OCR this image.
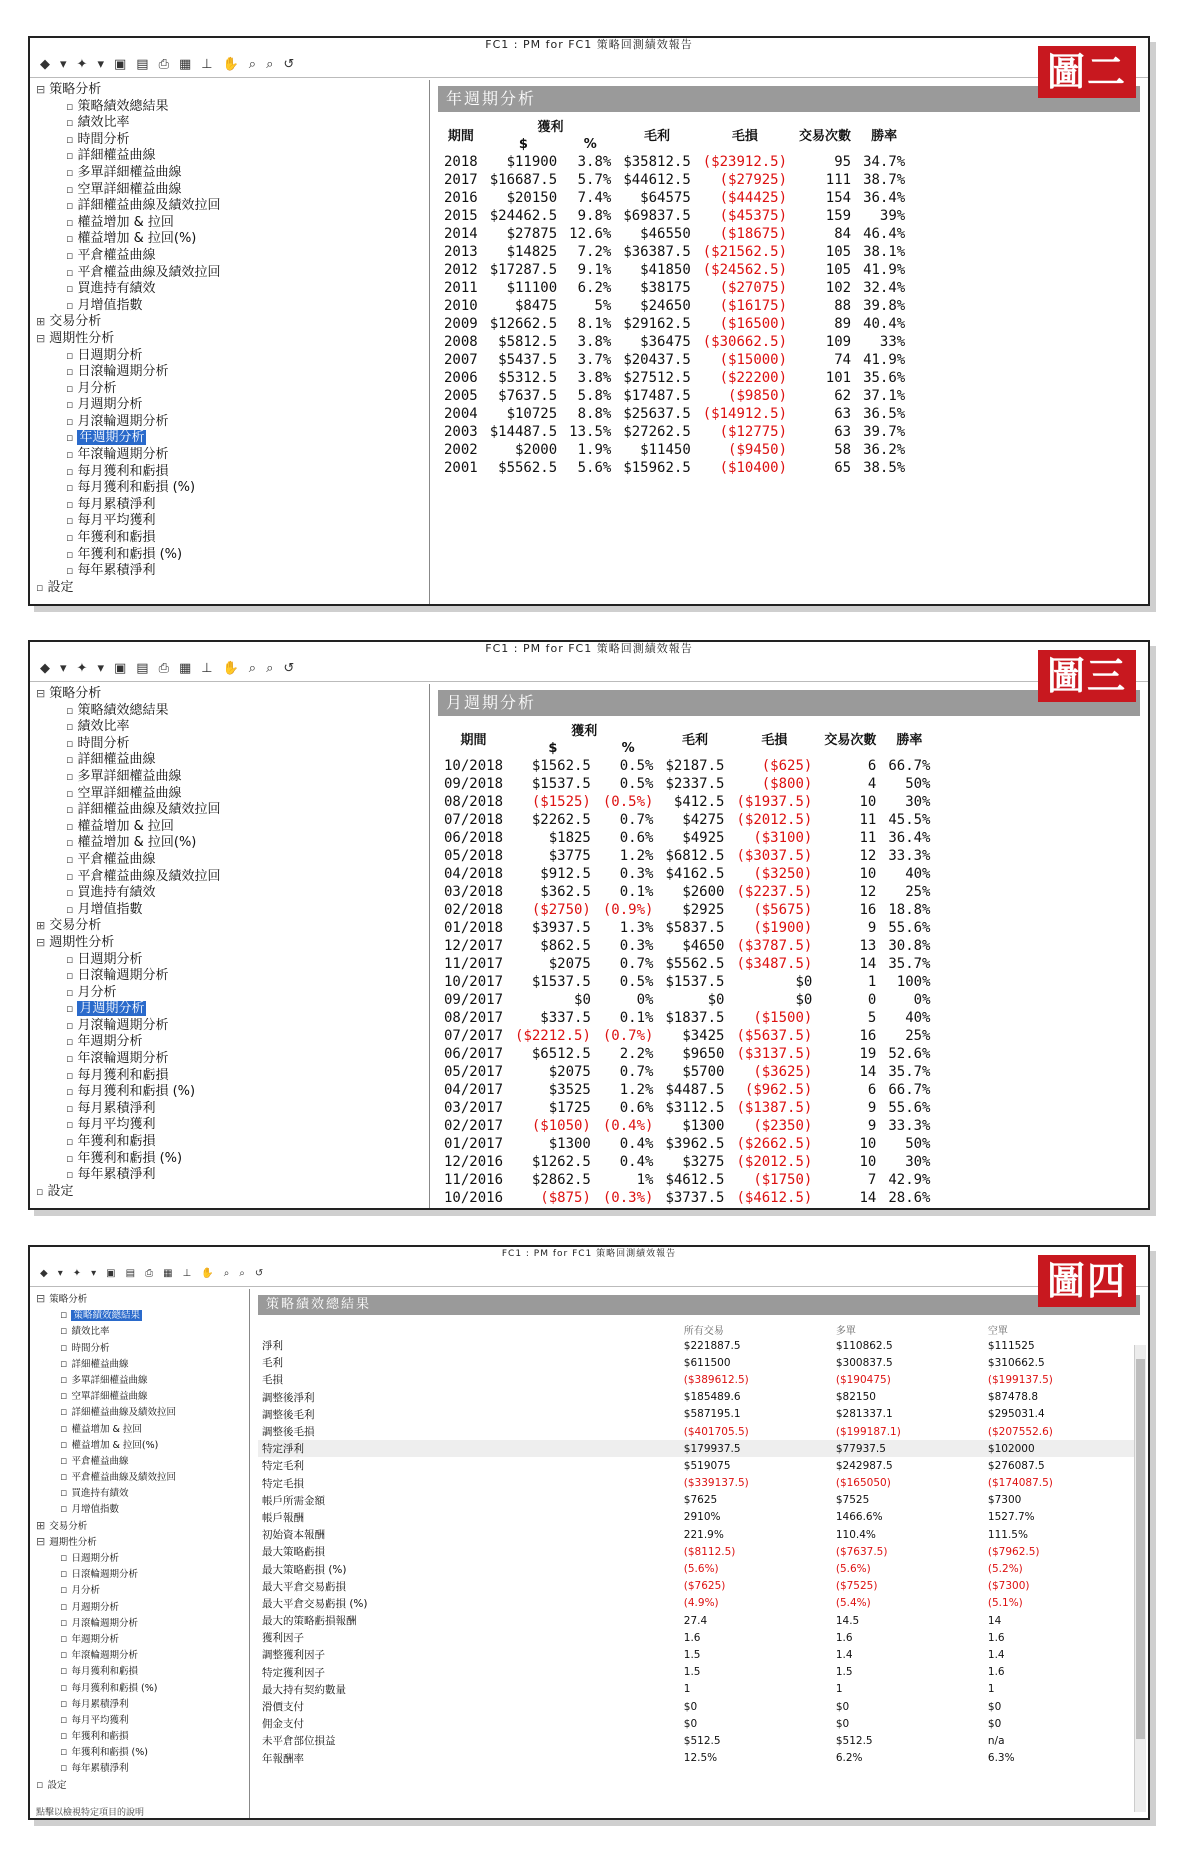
FC1 : PM for FC1 策略回測績效報告
◆ ▾ ✦ ▾ ▣ ▤ ⎙ ▦ ⊥ ✋ ⌕ ⌕ ↺	圖二
⊟ 策略分析
▫ 策略績效總結果
▫ 績效比率
▫ 時間分析
▫ 詳細權益曲線
▫ 多單詳細權益曲線
▫ 空單詳細權益曲線
▫ 詳細權益曲線及績效拉回
▫ 權益增加 & 拉回
▫ 權益增加 & 拉回(%)
▫ 平倉權益曲線
▫ 平倉權益曲線及績效拉回
▫ 買進持有績效
▫ 月增值指數
⊞ 交易分析
⊟ 週期性分析
▫ 日週期分析
▫ 日滾輪週期分析
▫ 月分析
▫ 月週期分析
▫ 月滾輪週期分析
▫ 年週期分析
▫ 年滾輪週期分析
▫ 每月獲利和虧損
▫ 每月獲利和虧損 (%)
▫ 每月累積淨利
▫ 每月平均獲利
▫ 年獲利和虧損
▫ 年獲利和虧損 (%)
▫ 每年累積淨利
▫ 設定
年週期分析
期間	獲利		毛利	毛損	交易次數	勝率
	$	%				
2018	$11900	3.8%	$35812.5	($23912.5)	95	34.7%
2017	$16687.5	5.7%	$44612.5	($27925)	111	38.7%
2016	$20150	7.4%	$64575	($44425)	154	36.4%
2015	$24462.5	9.8%	$69837.5	($45375)	159	39%
2014	$27875	12.6%	$46550	($18675)	84	46.4%
2013	$14825	7.2%	$36387.5	($21562.5)	105	38.1%
2012	$17287.5	9.1%	$41850	($24562.5)	105	41.9%
2011	$11100	6.2%	$38175	($27075)	102	32.4%
2010	$8475	5%	$24650	($16175)	88	39.8%
2009	$12662.5	8.1%	$29162.5	($16500)	89	40.4%
2008	$5812.5	3.8%	$36475	($30662.5)	109	33%
2007	$5437.5	3.7%	$20437.5	($15000)	74	41.9%
2006	$5312.5	3.8%	$27512.5	($22200)	101	35.6%
2005	$7637.5	5.8%	$17487.5	($9850)	62	37.1%
2004	$10725	8.8%	$25637.5	($14912.5)	63	36.5%
2003	$14487.5	13.5%	$27262.5	($12775)	63	39.7%
2002	$2000	1.9%	$11450	($9450)	58	36.2%
2001	$5562.5	5.6%	$15962.5	($10400)	65	38.5%
FC1 : PM for FC1 策略回測績效報告
◆ ▾ ✦ ▾ ▣ ▤ ⎙ ▦ ⊥ ✋ ⌕ ⌕ ↺	圖三
⊟ 策略分析
▫ 策略績效總結果
▫ 績效比率
▫ 時間分析
▫ 詳細權益曲線
▫ 多單詳細權益曲線
▫ 空單詳細權益曲線
▫ 詳細權益曲線及績效拉回
▫ 權益增加 & 拉回
▫ 權益增加 & 拉回(%)
▫ 平倉權益曲線
▫ 平倉權益曲線及績效拉回
▫ 買進持有績效
▫ 月增值指數
⊞ 交易分析
⊟ 週期性分析
▫ 日週期分析
▫ 日滾輪週期分析
▫ 月分析
▫ 月週期分析
▫ 月滾輪週期分析
▫ 年週期分析
▫ 年滾輪週期分析
▫ 每月獲利和虧損
▫ 每月獲利和虧損 (%)
▫ 每月累積淨利
▫ 每月平均獲利
▫ 年獲利和虧損
▫ 年獲利和虧損 (%)
▫ 每年累積淨利
▫ 設定
月週期分析
期間	獲利		毛利	毛損	交易次數	勝率
	$	%				
10/2018	$1562.5	0.5%	$2187.5	($625)	6	66.7%
09/2018	$1537.5	0.5%	$2337.5	($800)	4	50%
08/2018	($1525)	(0.5%)	$412.5	($1937.5)	10	30%
07/2018	$2262.5	0.7%	$4275	($2012.5)	11	45.5%
06/2018	$1825	0.6%	$4925	($3100)	11	36.4%
05/2018	$3775	1.2%	$6812.5	($3037.5)	12	33.3%
04/2018	$912.5	0.3%	$4162.5	($3250)	10	40%
03/2018	$362.5	0.1%	$2600	($2237.5)	12	25%
02/2018	($2750)	(0.9%)	$2925	($5675)	16	18.8%
01/2018	$3937.5	1.3%	$5837.5	($1900)	9	55.6%
12/2017	$862.5	0.3%	$4650	($3787.5)	13	30.8%
11/2017	$2075	0.7%	$5562.5	($3487.5)	14	35.7%
10/2017	$1537.5	0.5%	$1537.5	$0	1	100%
09/2017	$0	0%	$0	$0	0	0%
08/2017	$337.5	0.1%	$1837.5	($1500)	5	40%
07/2017	($2212.5)	(0.7%)	$3425	($5637.5)	16	25%
06/2017	$6512.5	2.2%	$9650	($3137.5)	19	52.6%
05/2017	$2075	0.7%	$5700	($3625)	14	35.7%
04/2017	$3525	1.2%	$4487.5	($962.5)	6	66.7%
03/2017	$1725	0.6%	$3112.5	($1387.5)	9	55.6%
02/2017	($1050)	(0.4%)	$1300	($2350)	9	33.3%
01/2017	$1300	0.4%	$3962.5	($2662.5)	10	50%
12/2016	$1262.5	0.4%	$3275	($2012.5)	10	30%
11/2016	$2862.5	1%	$4612.5	($1750)	7	42.9%
10/2016	($875)	(0.3%)	$3737.5	($4612.5)	14	28.6%
FC1 : PM for FC1 策略回測績效報告
◆ ▾ ✦ ▾ ▣ ▤ ⎙ ▦ ⊥ ✋ ⌕ ⌕ ↺	圖四
⊟ 策略分析
▫ 策略績效總結果
▫ 績效比率
▫ 時間分析
▫ 詳細權益曲線
▫ 多單詳細權益曲線
▫ 空單詳細權益曲線
▫ 詳細權益曲線及績效拉回
▫ 權益增加 & 拉回
▫ 權益增加 & 拉回(%)
▫ 平倉權益曲線
▫ 平倉權益曲線及績效拉回
▫ 買進持有績效
▫ 月增值指數
⊞ 交易分析
⊟ 週期性分析
▫ 日週期分析
▫ 日滾輪週期分析
▫ 月分析
▫ 月週期分析
▫ 月滾輪週期分析
▫ 年週期分析
▫ 年滾輪週期分析
▫ 每月獲利和虧損
▫ 每月獲利和虧損 (%)
▫ 每月累積淨利
▫ 每月平均獲利
▫ 年獲利和虧損
▫ 年獲利和虧損 (%)
▫ 每年累積淨利
▫ 設定
策略績效總結果
	所有交易	多單	空單
淨利	$221887.5	$110862.5	$111525
毛利	$611500	$300837.5	$310662.5
毛損	($389612.5)	($190475)	($199137.5)
調整後淨利	$185489.6	$82150	$87478.8
調整後毛利	$587195.1	$281337.1	$295031.4
調整後毛損	($401705.5)	($199187.1)	($207552.6)
特定淨利	$179937.5	$77937.5	$102000
特定毛利	$519075	$242987.5	$276087.5
特定毛損	($339137.5)	($165050)	($174087.5)
帳戶所需金額	$7625	$7525	$7300
帳戶報酬	2910%	1466.6%	1527.7%
初始資本報酬	221.9%	110.4%	111.5%
最大策略虧損	($8112.5)	($7637.5)	($7962.5)
最大策略虧損 (%)	(5.6%)	(5.6%)	(5.2%)
最大平倉交易虧損	($7625)	($7525)	($7300)
最大平倉交易虧損 (%)	(4.9%)	(5.4%)	(5.1%)
最大的策略虧損報酬	27.4	14.5	14
獲利因子	1.6	1.6	1.6
調整獲利因子	1.5	1.4	1.4
特定獲利因子	1.5	1.5	1.6
最大持有契約數量	1	1	1
滑價支付	$0	$0	$0
佣金支付	$0	$0	$0
未平倉部位損益	$512.5	$512.5	n/a
年報酬率	12.5%	6.2%	6.3%
點擊以檢視特定項目的說明
